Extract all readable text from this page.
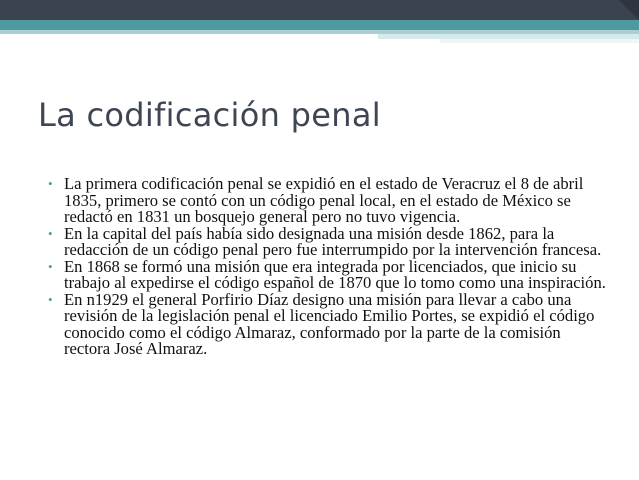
La codificación penal
• La primera codificación penal se expidió en el estado de Veracruz el 8 de abril 1835, primero se contó con un código penal local, en el estado de México se redactó en 1831 un bosquejo general pero no tuvo vigencia.
• En la capital del país había sido designada una misión desde 1862, para la redacción de un código penal pero fue interrumpido por la intervención francesa.
• En 1868 se formó una misión que era integrada por licenciados, que inicio su trabajo al expedirse el código español de 1870 que lo tomo como una inspiración.
• En n1929 el general Porfirio Díaz designo una misión para llevar a cabo una revisión de la legislación penal el licenciado Emilio Portes, se expidió el código conocido como el código Almaraz, conformado por la parte de la comisión rectora José Almaraz.
